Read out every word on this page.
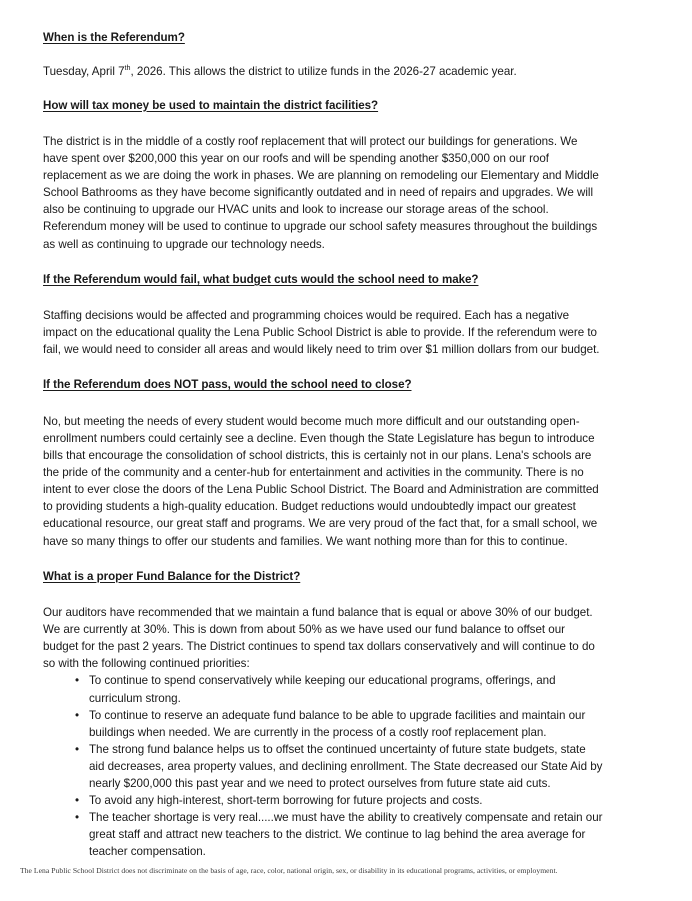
When is the Referendum?

Tuesday, April 7th, 2026. This allows the district to utilize funds in the 2026-27 academic year.

How will tax money be used to maintain the district facilities?

The district is in the middle of a costly roof replacement that will protect our buildings for generations. We have spent over $200,000 this year on our roofs and will be spending another $350,000 on our roof replacement as we are doing the work in phases. We are planning on remodeling our Elementary and Middle School Bathrooms as they have become significantly outdated and in need of repairs and upgrades. We will also be continuing to upgrade our HVAC units and look to increase our storage areas of the school. Referendum money will be used to continue to upgrade our school safety measures throughout the buildings as well as continuing to upgrade our technology needs.

If the Referendum would fail, what budget cuts would the school need to make?

Staffing decisions would be affected and programming choices would be required. Each has a negative impact on the educational quality the Lena Public School District is able to provide. If the referendum were to fail, we would need to consider all areas and would likely need to trim over $1 million dollars from our budget.

If the Referendum does NOT pass, would the school need to close?

No, but meeting the needs of every student would become much more difficult and our outstanding open-enrollment numbers could certainly see a decline. Even though the State Legislature has begun to introduce bills that encourage the consolidation of school districts, this is certainly not in our plans. Lena's schools are the pride of the community and a center-hub for entertainment and activities in the community. There is no intent to ever close the doors of the Lena Public School District. The Board and Administration are committed to providing students a high-quality education. Budget reductions would undoubtedly impact our greatest educational resource, our great staff and programs. We are very proud of the fact that, for a small school, we have so many things to offer our students and families. We want nothing more than for this to continue.

What is a proper Fund Balance for the District?

Our auditors have recommended that we maintain a fund balance that is equal or above 30% of our budget. We are currently at 30%. This is down from about 50% as we have used our fund balance to offset our budget for the past 2 years. The District continues to spend tax dollars conservatively and will continue to do so with the following continued priorities:

• To continue to spend conservatively while keeping our educational programs, offerings, and curriculum strong.
• To continue to reserve an adequate fund balance to be able to upgrade facilities and maintain our buildings when needed. We are currently in the process of a costly roof replacement plan.
• The strong fund balance helps us to offset the continued uncertainty of future state budgets, state aid decreases, area property values, and declining enrollment. The State decreased our State Aid by nearly $200,000 this past year and we need to protect ourselves from future state aid cuts.
• To avoid any high-interest, short-term borrowing for future projects and costs.
• The teacher shortage is very real.....we must have the ability to creatively compensate and retain our great staff and attract new teachers to the district. We continue to lag behind the area average for teacher compensation.
The Lena Public School District does not discriminate on the basis of age, race, color, national origin, sex, or disability in its educational programs, activities, or employment.
